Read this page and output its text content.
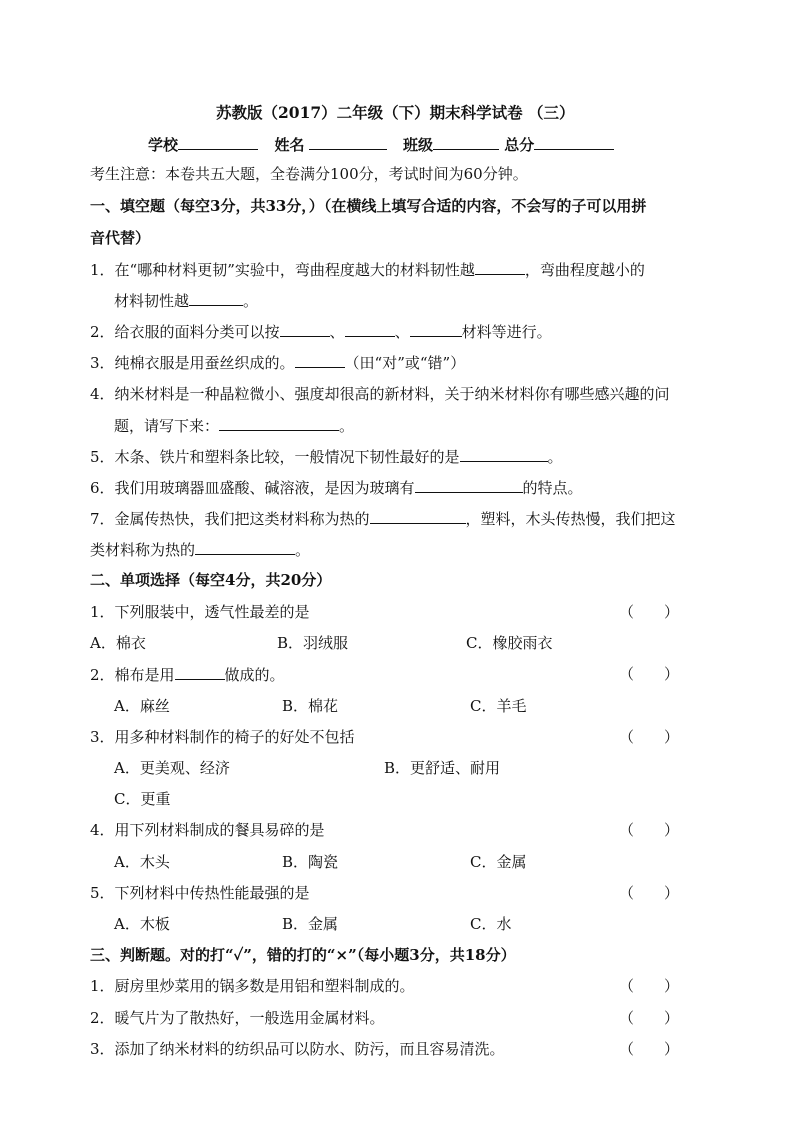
苏教版（2017）二年级（下）期末科学试卷 （三）
学校	姓名	班级	总分
考生注意：本卷共五大题，全卷满分100分，考试时间为60分钟。
一、填空题（每空3分，共33分，）（在横线上填写合适的内容，不会写的子可以用拼
音代替）
1．在“哪种材料更韧”实验中，弯曲程度越大的材料韧性越	，弯曲程度越小的
材料韧性越	。
2．给衣服的面料分类可以按	、	、	材料等进行。
3．纯棉衣服是用蚕丝织成的。	（田“对”或“错”）
4．纳米材料是一种晶粒微小、强度却很高的新材料，关于纳米材料你有哪些感兴趣的问
题，请写下来：	。
5．木条、铁片和塑料条比较，一般情况下韧性最好的是	。
6．我们用玻璃器皿盛酸、碱溶液，是因为玻璃有	的特点。
7．金属传热快，我们把这类材料称为热的	，塑料，木头传热慢，我们把这
类材料称为热的	。
二、单项选择（每空4分，共20分）
1．下列服装中，透气性最差的是	（　　）
A．棉衣	B．羽绒服	C．橡胶雨衣
2．棉布是用	做成的。	（　　）
A．麻丝	B．棉花	C．羊毛
3．用多种材料制作的椅子的好处不包括	（　　）
A．更美观、经济	B．更舒适、耐用
C．更重
4．用下列材料制成的餐具易碎的是	（　　）
A．木头	B．陶瓷	C．金属
5．下列材料中传热性能最强的是	（　　）
A．木板	B．金属	C．水
三、判断题。对的打“✓”，错的打的“×”（每小题3分，共18分）
1．厨房里炒菜用的锅多数是用铝和塑料制成的。	（　　）
2．暖气片为了散热好，一般选用金属材料。	（　　）
3．添加了纳米材料的纺织品可以防水、防污，而且容易清洗。	（　　）
